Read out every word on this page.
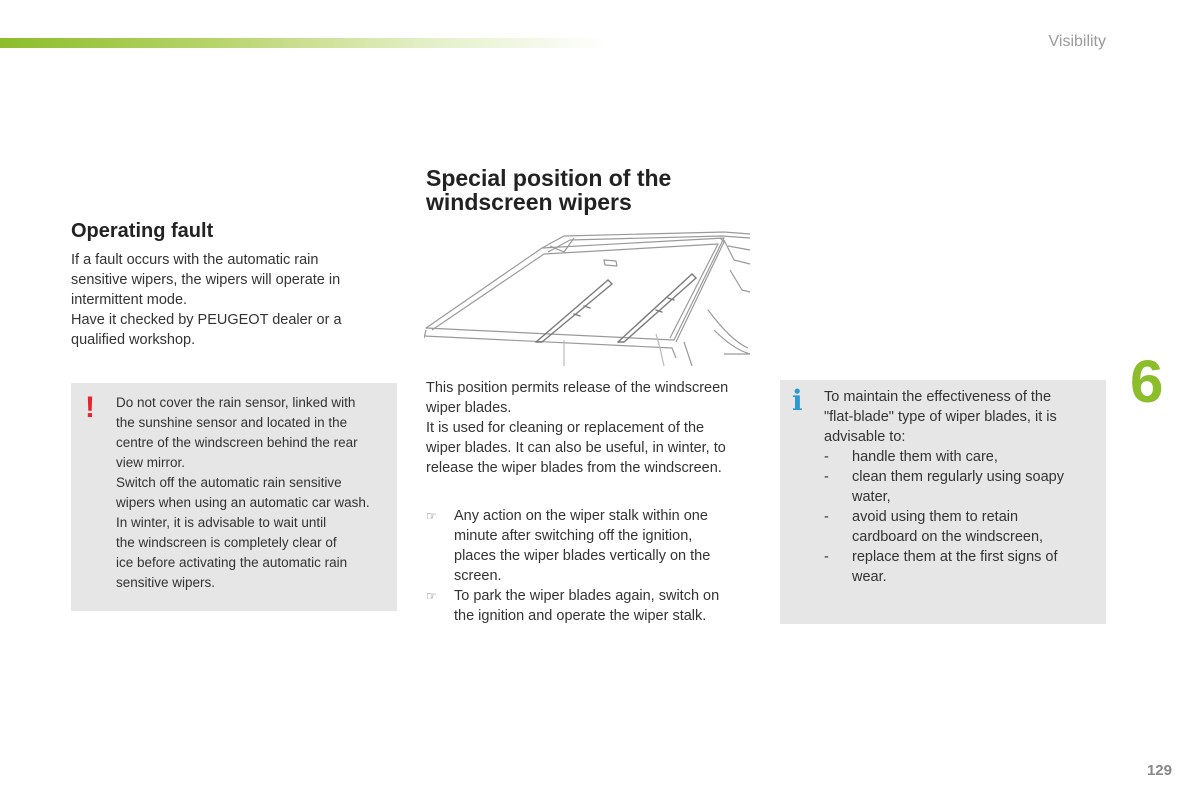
Visibility
6
129
Operating fault

If a fault occurs with the automatic rain
sensitive wipers, the wipers will operate in
intermittent mode.
Have it checked by PEUGEOT dealer or a
qualified workshop.

! Do not cover the rain sensor, linked with
the sunshine sensor and located in the
centre of the windscreen behind the rear
view mirror.
Switch off the automatic rain sensitive
wipers when using an automatic car wash.
In winter, it is advisable to wait until
the windscreen is completely clear of
ice before activating the automatic rain
sensitive wipers.

Special position of the
windscreen wipers

This position permits release of the windscreen
wiper blades.
It is used for cleaning or replacement of the
wiper blades. It can also be useful, in winter, to
release the wiper blades from the windscreen.

☞ Any action on the wiper stalk within one
minute after switching off the ignition,
places the wiper blades vertically on the
screen.
☞ To park the wiper blades again, switch on
the ignition and operate the wiper stalk.
i To maintain the effectiveness of the
"flat-blade" type of wiper blades, it is
advisable to:

- handle them with care,
- clean them regularly using soapy
water,
- avoid using them to retain
cardboard on the windscreen,
- replace them at the first signs of
wear.
